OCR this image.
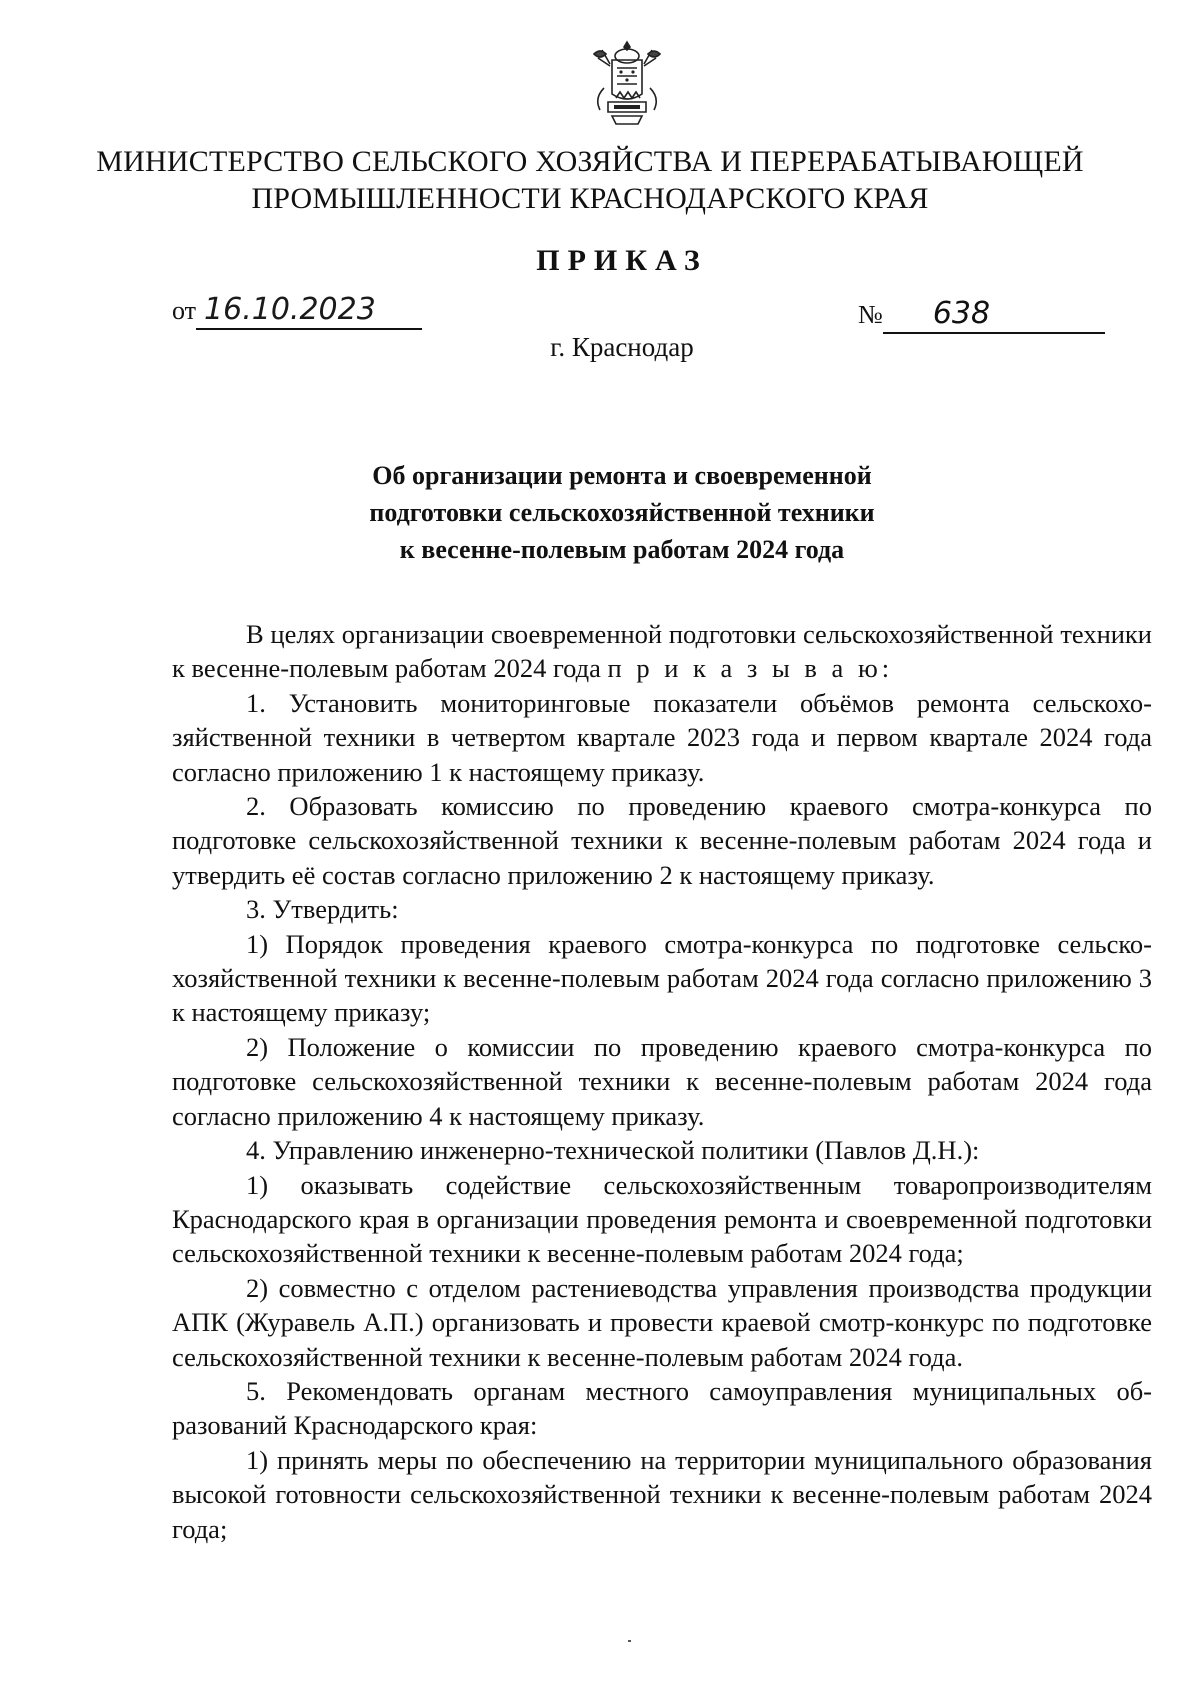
МИНИСТЕРСТВО СЕЛЬСКОГО ХОЗЯЙСТВА И ПЕРЕРАБАТЫВАЮЩЕЙ
ПРОМЫШЛЕННОСТИ КРАСНОДАРСКОГО КРАЯ
ПРИКАЗ
от 16.10.2023	№ 638
г. Краснодар
Об организации ремонта и своевременной
подготовки сельскохозяйственной техники
к весенне-полевым работам 2024 года

В целях организации своевременной подготовки сельскохозяйственной техники к весенне-полевым работам 2024 года п р и к а з ы в а ю:

1. Установить мониторинговые показатели объёмов ремонта сельскохозяйственной техники в четвертом квартале 2023 года и первом квартале 2024 года согласно приложению 1 к настоящему приказу.

2. Образовать комиссию по проведению краевого смотра-конкурса по подготовке сельскохозяйственной техники к весенне-полевым работам 2024 года и утвердить её состав согласно приложению 2 к настоящему приказу.

3. Утвердить:

1) Порядок проведения краевого смотра-конкурса по подготовке сельскохозяйственной техники к весенне-полевым работам 2024 года согласно приложению 3 к настоящему приказу;

2) Положение о комиссии по проведению краевого смотра-конкурса по подготовке сельскохозяйственной техники к весенне-полевым работам 2024 года согласно приложению 4 к настоящему приказу.

4. Управлению инженерно-технической политики (Павлов Д.Н.):

1) оказывать содействие сельскохозяйственным товаропроизводителям Краснодарского края в организации проведения ремонта и своевременной подготовки сельскохозяйственной техники к весенне-полевым работам 2024 года;

2) совместно с отделом растениеводства управления производства продукции АПК (Журавель А.П.) организовать и провести краевой смотр-конкурс по подготовке сельскохозяйственной техники к весенне-полевым работам 2024 года.

5. Рекомендовать органам местного самоуправления муниципальных образований Краснодарского края:

1) принять меры по обеспечению на территории муниципального образования высокой готовности сельскохозяйственной техники к весенне-полевым работам 2024 года;
